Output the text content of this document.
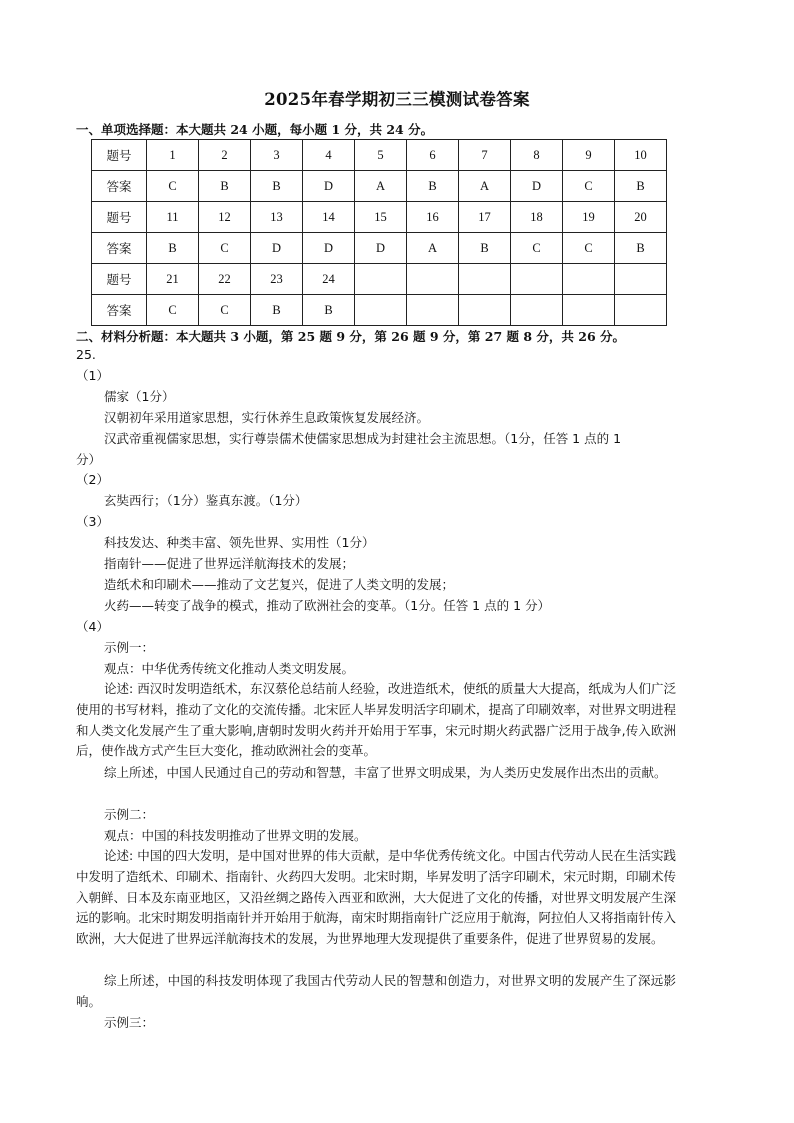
2025年春学期初三三模测试卷答案
一、单项选择题：本大题共 24 小题，每小题 1 分，共 24 分。
题号	1	2	3	4	5	6	7	8	9	10
答案	C	B	B	D	A	B	A	D	C	B
题号	11	12	13	14	15	16	17	18	19	20
答案	B	C	D	D	D	A	B	C	C	B
题号	21	22	23	24						
答案	C	C	B	B						
二、材料分析题：本大题共 3 小题，第 25 题 9 分，第 26 题 9 分，第 27 题 8 分，共 26 分。
25.
（1）
儒家（1分）
汉朝初年采用道家思想，实行休养生息政策恢复发展经济。
汉武帝重视儒家思想，实行尊崇儒术使儒家思想成为封建社会主流思想。（1分，任答 1 点的 1
分）
（2）
玄奘西行；（1分）鉴真东渡。（1分）
（3）
科技发达、种类丰富、领先世界、实用性（1分）
指南针——促进了世界远洋航海技术的发展；
造纸术和印刷术——推动了文艺复兴，促进了人类文明的发展；
火药——转变了战争的模式，推动了欧洲社会的变革。（1分。任答 1 点的 1 分）
（4）
示例一：
观点：中华优秀传统文化推动人类文明发展。
论述: 西汉时发明造纸术，东汉蔡伦总结前人经验，改进造纸术，使纸的质量大大提高，纸成为人们广泛使用的书写材料，推动了文化的交流传播。北宋匠人毕昇发明活字印刷术，提高了印刷效率，对世界文明进程和人类文化发展产生了重大影响,唐朝时发明火药并开始用于军事，宋元时期火药武器广泛用于战争,传入欧洲后，使作战方式产生巨大变化，推动欧洲社会的变革。
综上所述，中国人民通过自己的劳动和智慧，丰富了世界文明成果，为人类历史发展作出杰出的贡献。
示例二：
观点：中国的科技发明推动了世界文明的发展。
论述: 中国的四大发明，是中国对世界的伟大贡献，是中华优秀传统文化。中国古代劳动人民在生活实践中发明了造纸术、印刷术、指南针、火药四大发明。北宋时期，毕昇发明了活字印刷术，宋元时期，印刷术传入朝鲜、日本及东南亚地区，又沿丝绸之路传入西亚和欧洲，大大促进了文化的传播，对世界文明发展产生深远的影响。北宋时期发明指南针并开始用于航海，南宋时期指南针广泛应用于航海，阿拉伯人又将指南针传入欧洲，大大促进了世界远洋航海技术的发展，为世界地理大发现提供了重要条件，促进了世界贸易的发展。
综上所述，中国的科技发明体现了我国古代劳动人民的智慧和创造力，对世界文明的发展产生了深远影响。
示例三：
